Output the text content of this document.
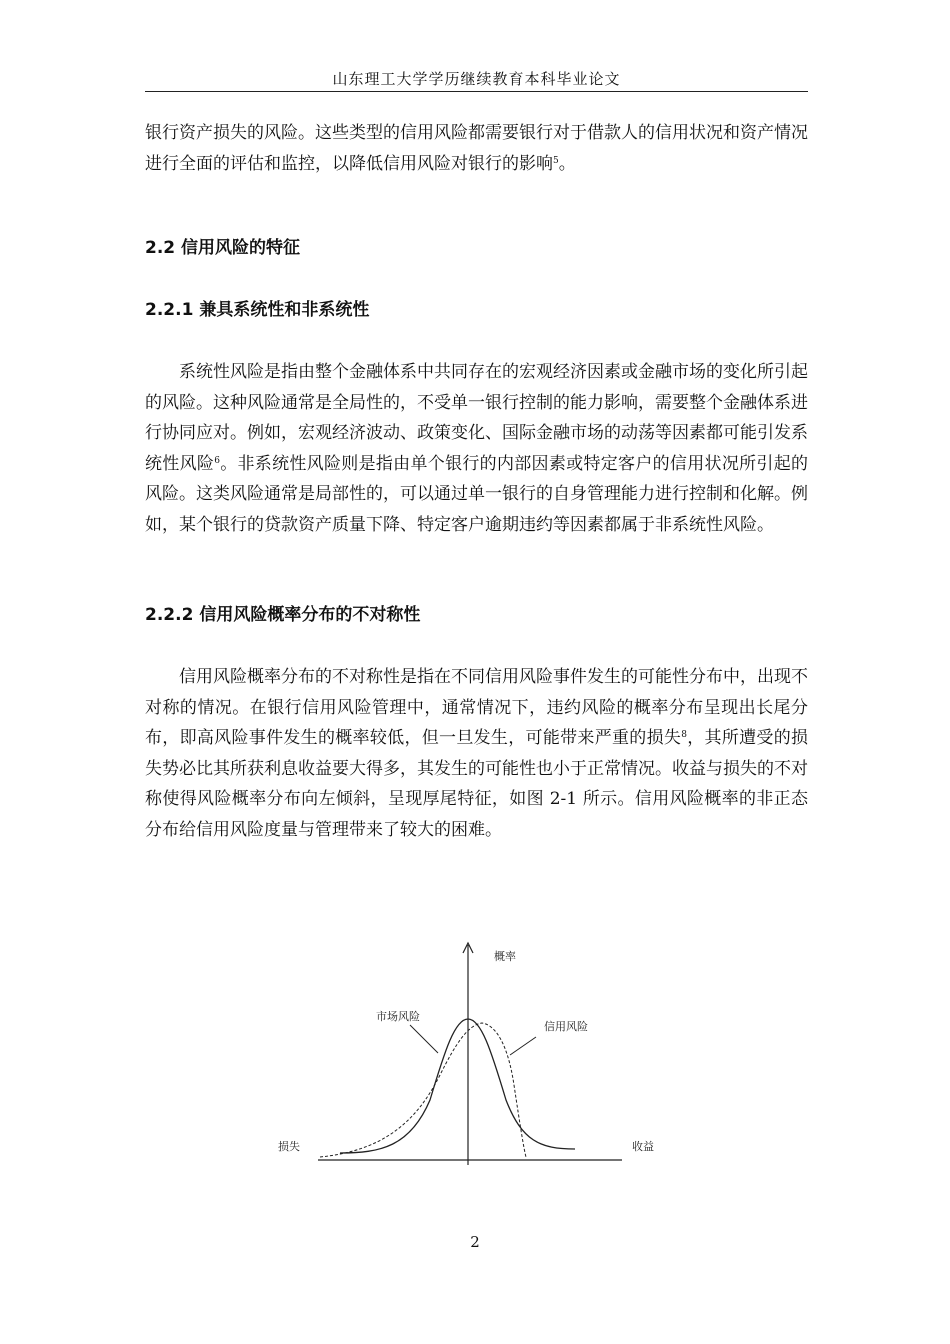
山东理工大学学历继续教育本科毕业论文
银行资产损失的风险。这些类型的信用风险都需要银行对于借款人的信用状况和资产情况进行全面的评估和监控，以降低信用风险对银行的影响$^5$。
2.2 信用风险的特征
2.2.1 兼具系统性和非系统性
系统性风险是指由整个金融体系中共同存在的宏观经济因素或金融市场的变化所引起的风险。这种风险通常是全局性的，不受单一银行控制的能力影响，需要整个金融体系进行协同应对。例如，宏观经济波动、政策变化、国际金融市场的动荡等因素都可能引发系统性风险$^6$。非系统性风险则是指由单个银行的内部因素或特定客户的信用状况所引起的风险。这类风险通常是局部性的，可以通过单一银行的自身管理能力进行控制和化解。例如，某个银行的贷款资产质量下降、特定客户逾期违约等因素都属于非系统性风险。
2.2.2 信用风险概率分布的不对称性
信用风险概率分布的不对称性是指在不同信用风险事件发生的可能性分布中，出现不对称的情况。在银行信用风险管理中，通常情况下，违约风险的概率分布呈现出长尾分布，即高风险事件发生的概率较低，但一旦发生，可能带来严重的损失$^8$，其所遭受的损失势必比其所获利息收益要大得多，其发生的可能性也小于正常情况。收益与损失的不对称使得风险概率分布向左倾斜，呈现厚尾特征，如图 2-1 所示。信用风险概率的非正态分布给信用风险度量与管理带来了较大的困难。
概率
市场风险
信用风险
损失	收益
2
